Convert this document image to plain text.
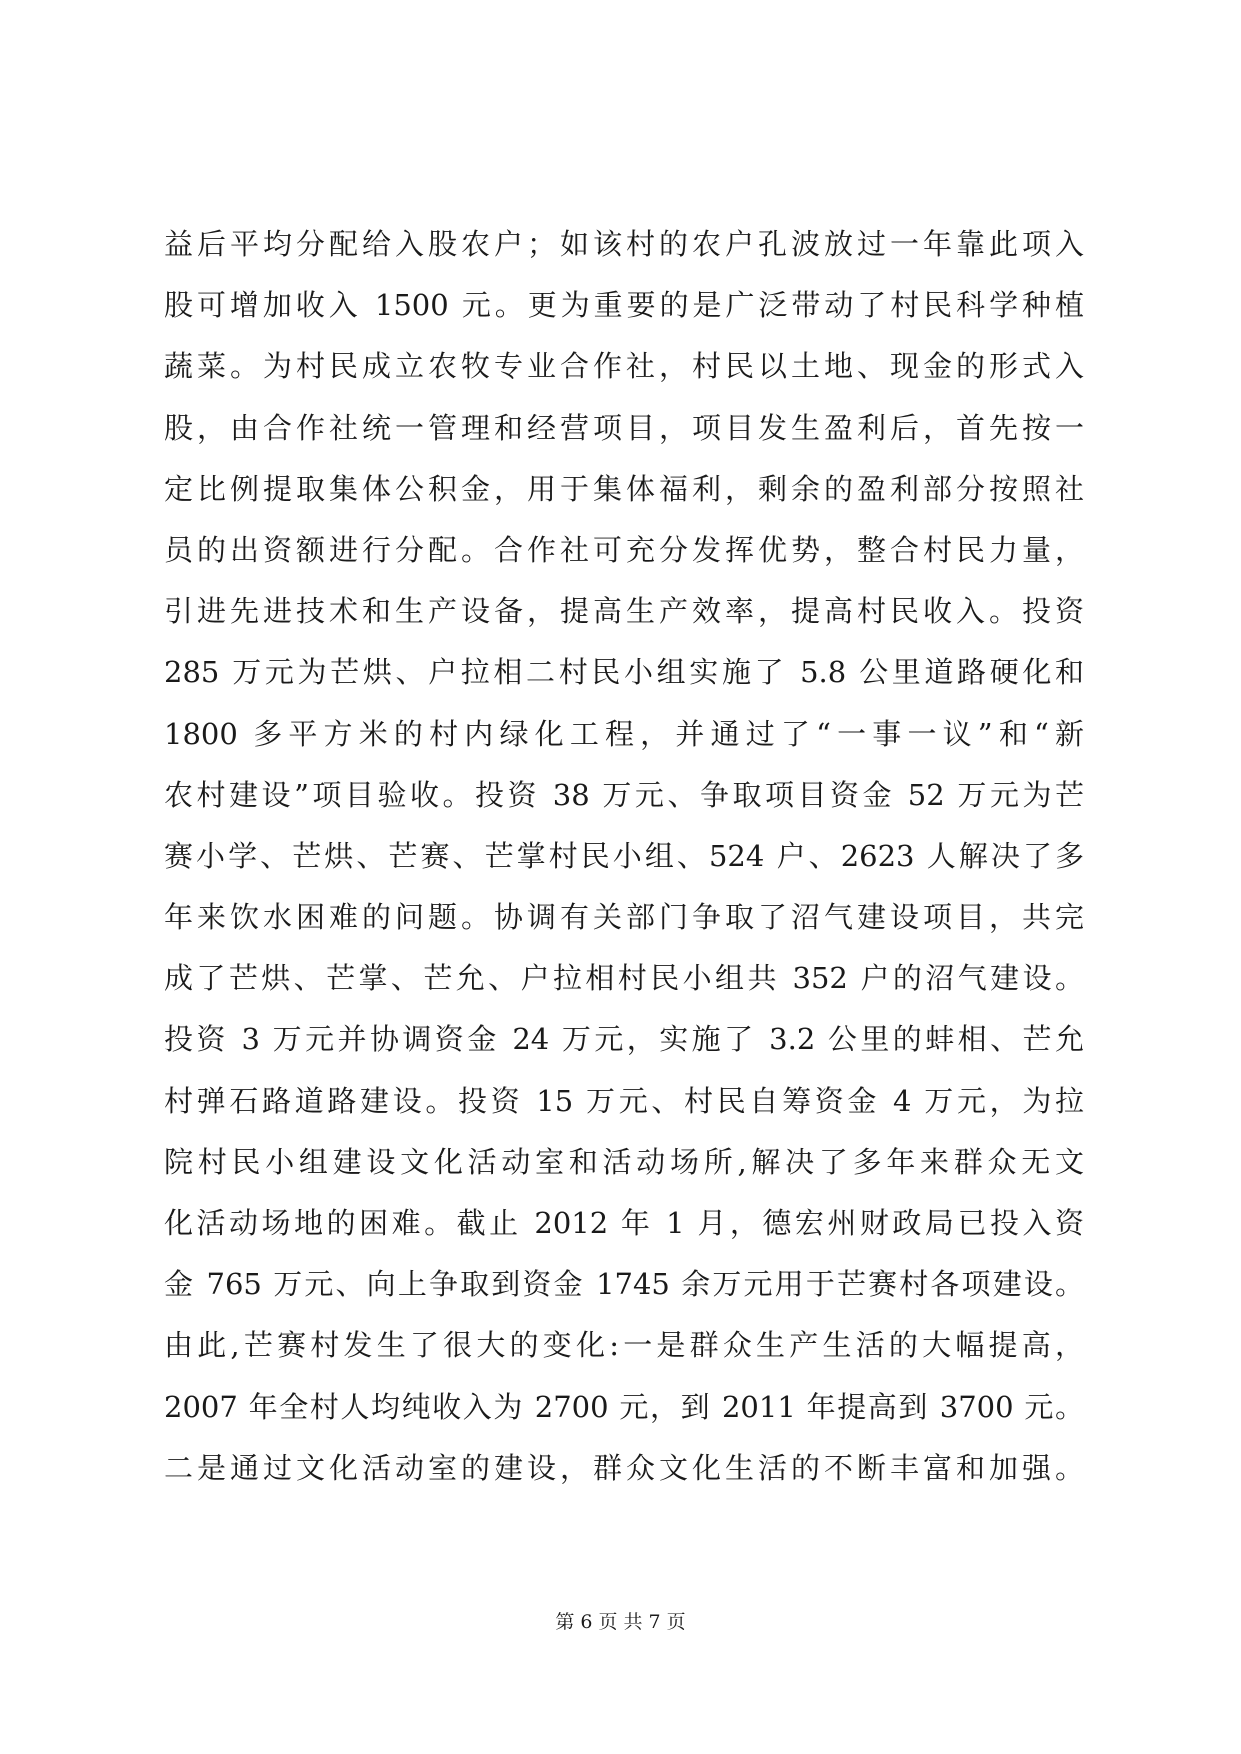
益后平均分配给入股农户；如该村的农户孔波放过一年靠此项入
股可增加收入 1500 元。更为重要的是广泛带动了村民科学种植
蔬菜。为村民成立农牧专业合作社，村民以土地、现金的形式入
股，由合作社统一管理和经营项目，项目发生盈利后，首先按一
定比例提取集体公积金，用于集体福利，剩余的盈利部分按照社
员的出资额进行分配。合作社可充分发挥优势，整合村民力量，
引进先进技术和生产设备，提高生产效率，提高村民收入。投资
285 万元为芒烘、户拉相二村民小组实施了 5.8 公里道路硬化和
1800 多平方米的村内绿化工程，并通过了“一事一议”和“新
农村建设”项目验收。投资 38 万元、争取项目资金 52 万元为芒
赛小学、芒烘、芒赛、芒掌村民小组、524 户、2623 人解决了多
年来饮水困难的问题。协调有关部门争取了沼气建设项目，共完
成了芒烘、芒掌、芒允、户拉相村民小组共 352 户的沼气建设。
投资 3 万元并协调资金 24 万元，实施了 3.2 公里的蚌相、芒允
村弹石路道路建设。投资 15 万元、村民自筹资金 4 万元，为拉
院村民小组建设文化活动室和活动场所,解决了多年来群众无文
化活动场地的困难。截止 2012 年 1 月，德宏州财政局已投入资
金 765 万元、向上争取到资金 1745 余万元用于芒赛村各项建设。
由此,芒赛村发生了很大的变化:一是群众生产生活的大幅提高，
2007 年全村人均纯收入为 2700 元，到 2011 年提高到 3700 元。
二是通过文化活动室的建设，群众文化生活的不断丰富和加强。
第 6 页 共 7 页
